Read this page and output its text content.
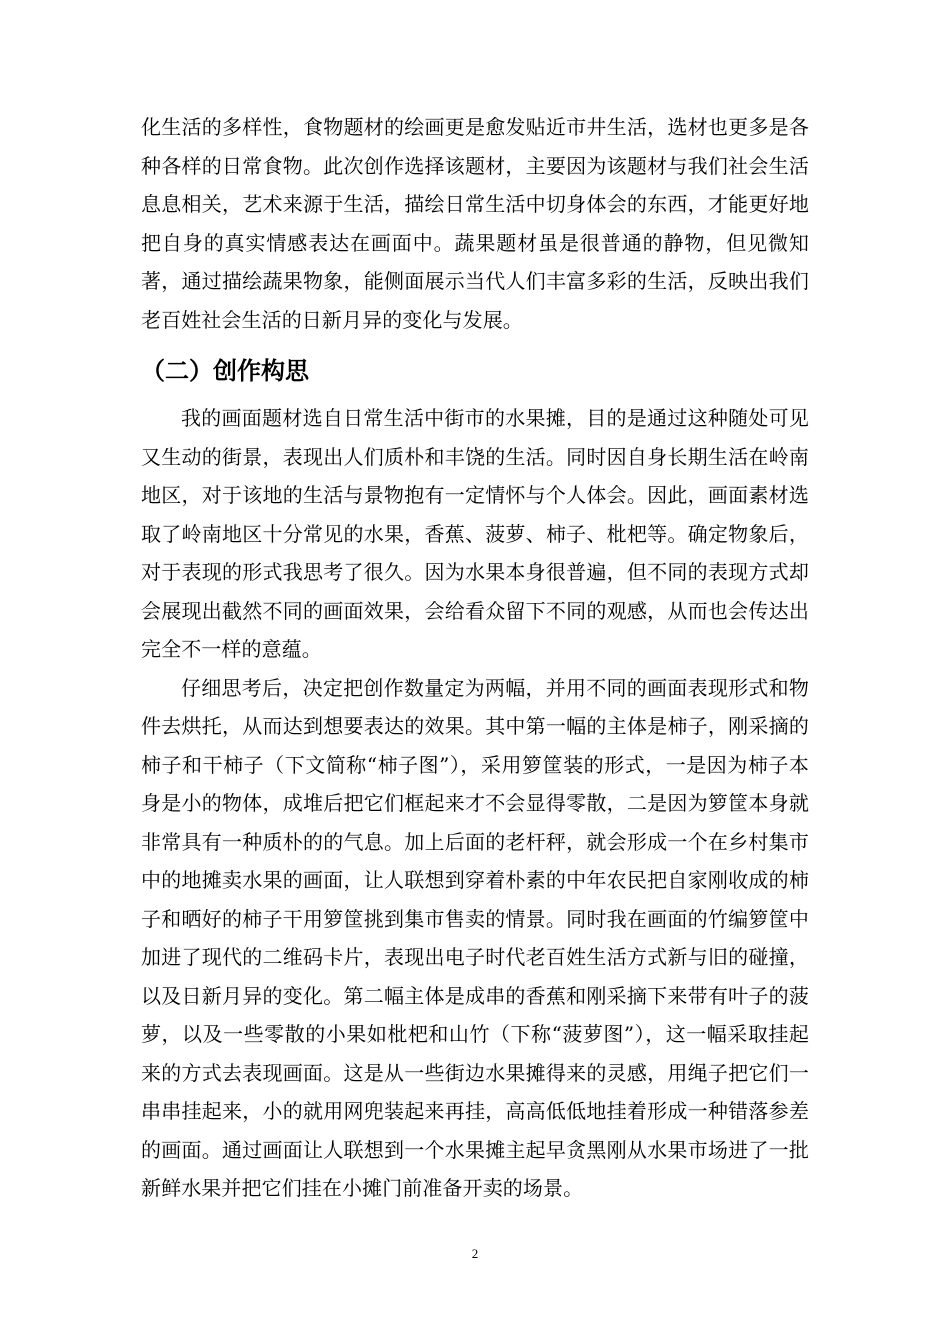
化生活的多样性，食物题材的绘画更是愈发贴近市井生活，选材也更多是各种各样的日常食物。此次创作选择该题材，主要因为该题材与我们社会生活息息相关，艺术来源于生活，描绘日常生活中切身体会的东西，才能更好地把自身的真实情感表达在画面中。蔬果题材虽是很普通的静物，但见微知著，通过描绘蔬果物象，能侧面展示当代人们丰富多彩的生活，反映出我们老百姓社会生活的日新月异的变化与发展。

（二）创作构思

我的画面题材选自日常生活中街市的水果摊，目的是通过这种随处可见又生动的街景，表现出人们质朴和丰饶的生活。同时因自身长期生活在岭南地区，对于该地的生活与景物抱有一定情怀与个人体会。因此，画面素材选取了岭南地区十分常见的水果，香蕉、菠萝、柿子、枇杷等。确定物象后，对于表现的形式我思考了很久。因为水果本身很普遍，但不同的表现方式却会展现出截然不同的画面效果，会给看众留下不同的观感，从而也会传达出完全不一样的意蕴。

仔细思考后，决定把创作数量定为两幅，并用不同的画面表现形式和物件去烘托，从而达到想要表达的效果。其中第一幅的主体是柿子，刚采摘的柿子和干柿子（下文简称“柿子图”），采用箩筐装的形式，一是因为柿子本身是小的物体，成堆后把它们框起来才不会显得零散，二是因为箩筐本身就非常具有一种质朴的的气息。加上后面的老杆秤，就会形成一个在乡村集市中的地摊卖水果的画面，让人联想到穿着朴素的中年农民把自家刚收成的柿子和晒好的柿子干用箩筐挑到集市售卖的情景。同时我在画面的竹编箩筐中加进了现代的二维码卡片，表现出电子时代老百姓生活方式新与旧的碰撞，以及日新月异的变化。第二幅主体是成串的香蕉和刚采摘下来带有叶子的菠萝，以及一些零散的小果如枇杷和山竹（下称“菠萝图”），这一幅采取挂起来的方式去表现画面。这是从一些街边水果摊得来的灵感，用绳子把它们一串串挂起来，小的就用网兜装起来再挂，高高低低地挂着形成一种错落参差的画面。通过画面让人联想到一个水果摊主起早贪黑刚从水果市场进了一批新鲜水果并把它们挂在小摊门前准备开卖的场景。

2
